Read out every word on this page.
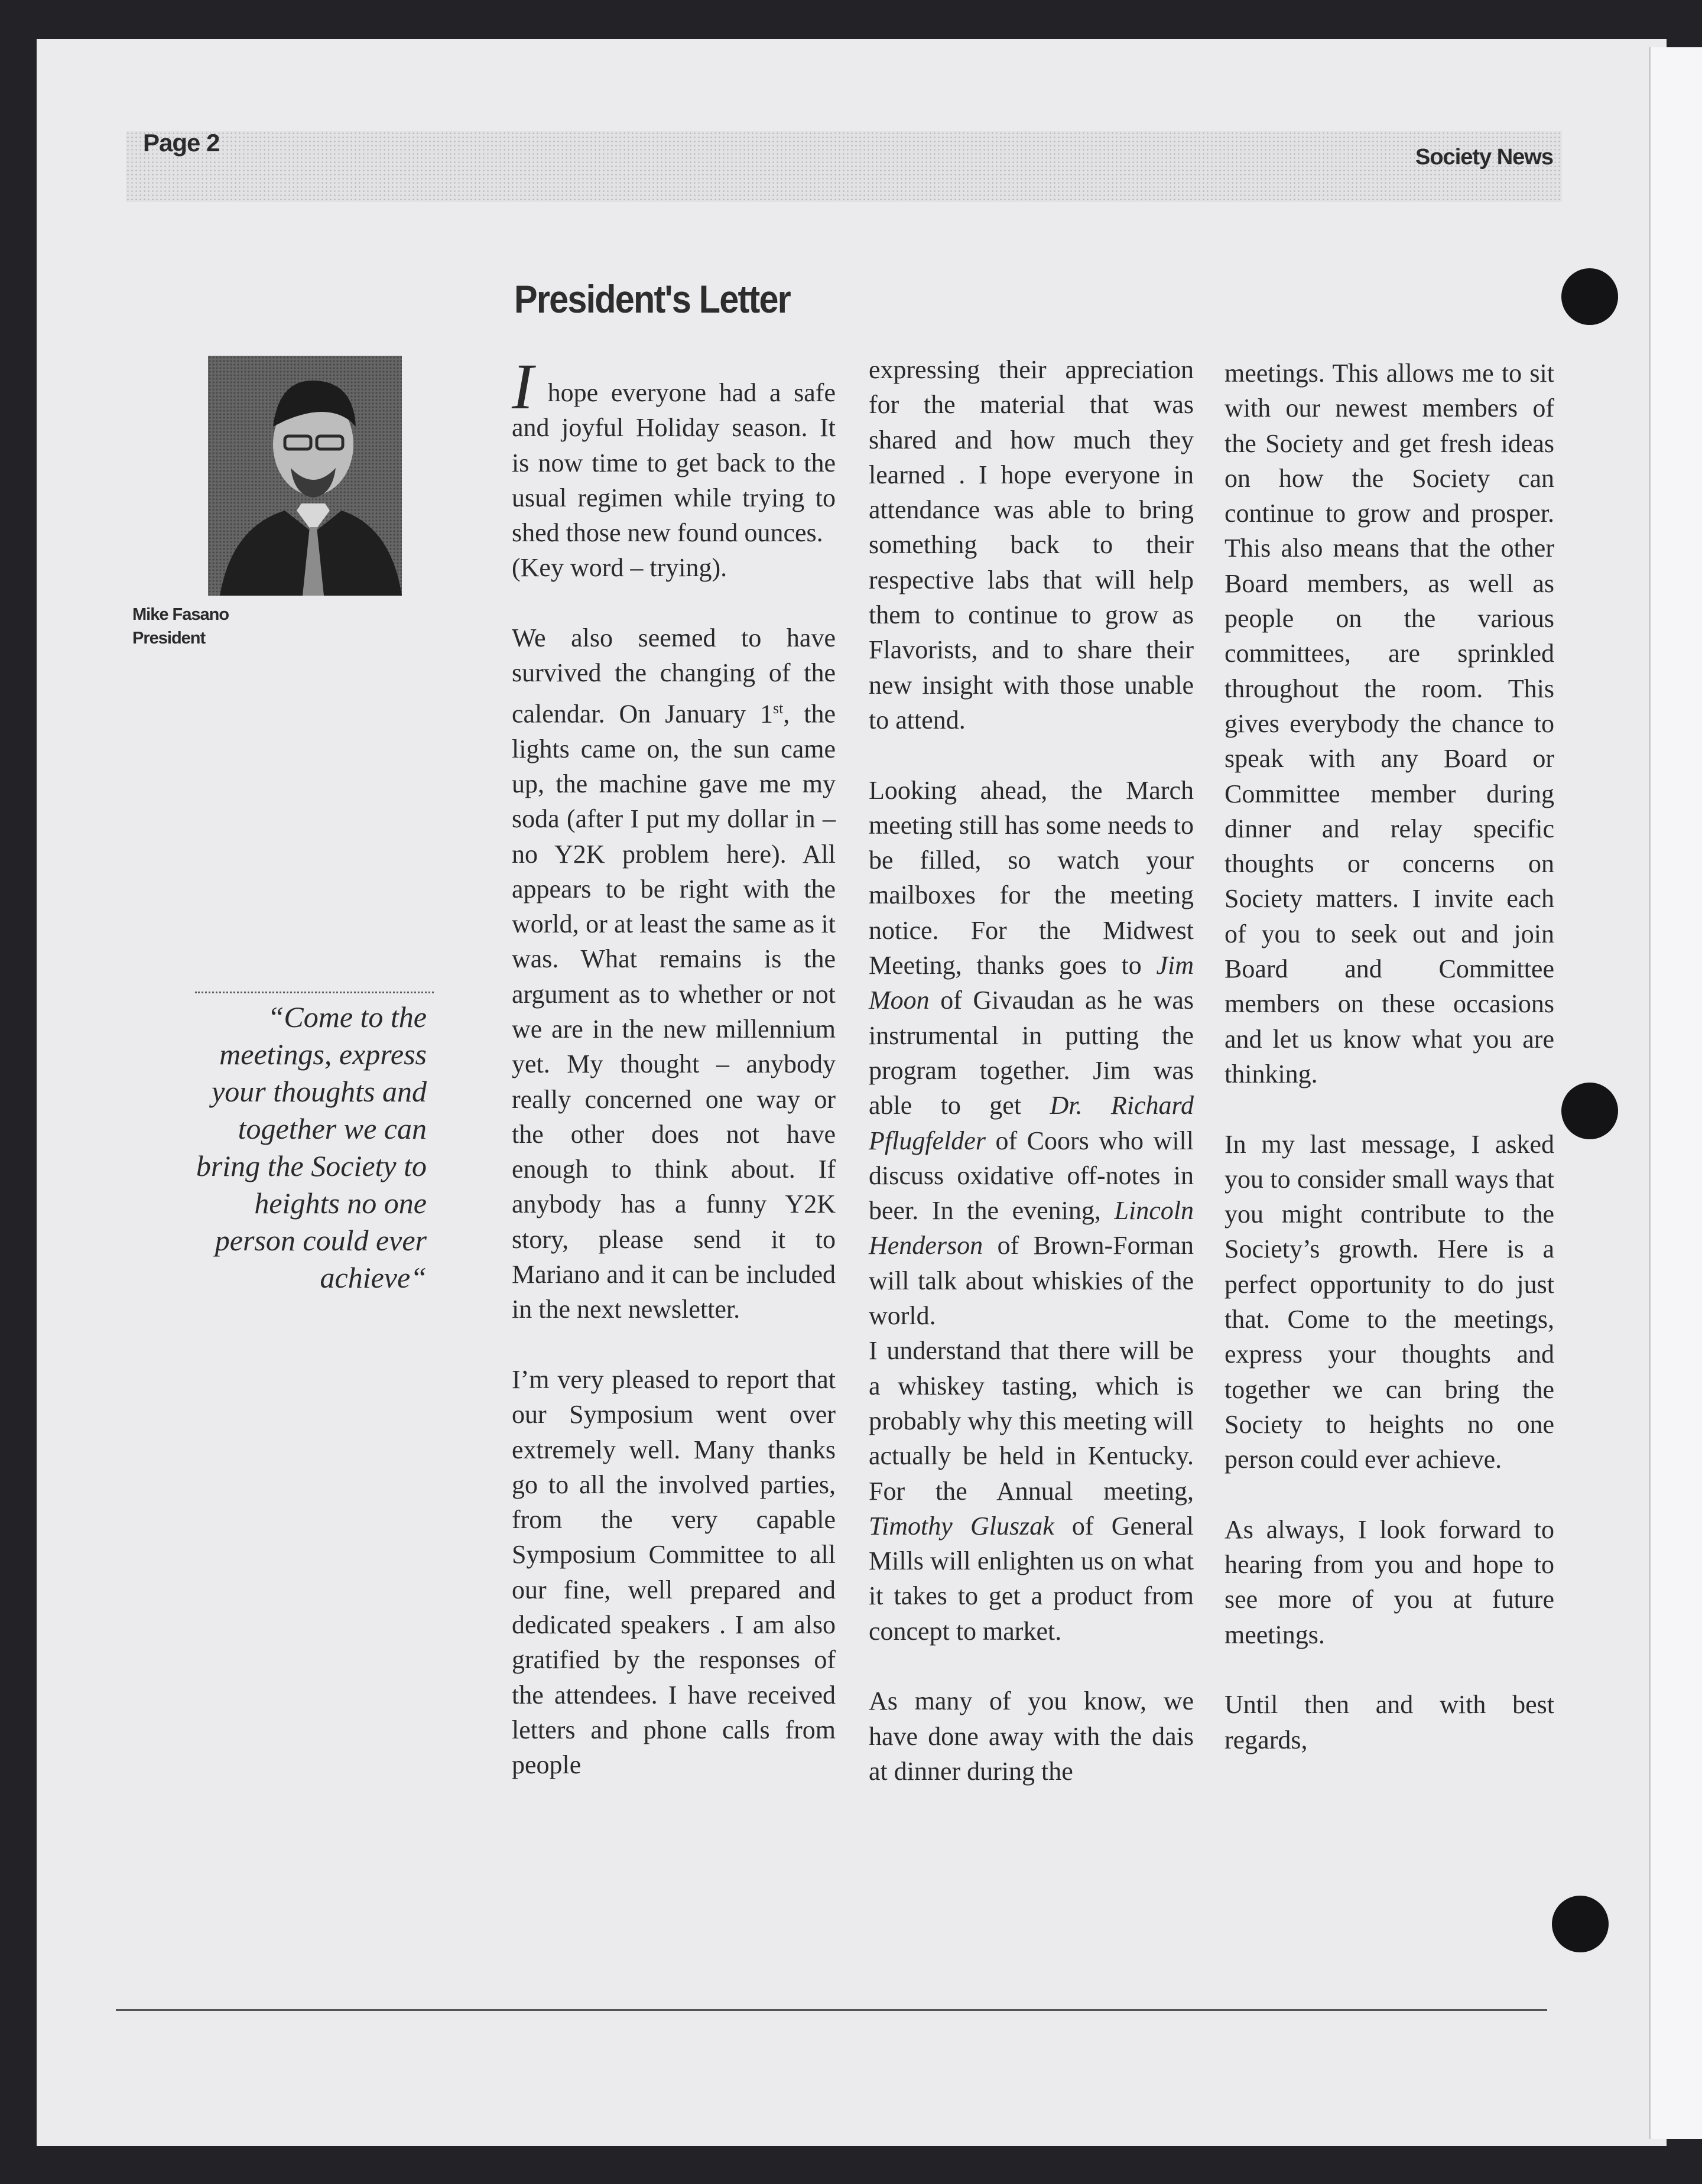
Page 2
Society News
President's Letter
Mike Fasano
President
“Come to the meetings, express your thoughts and together we can bring the Society to heights no one person could ever achieve“

Ihope everyone had a safe and joyful Holiday season. It is now time to get back to the usual regimen while trying to shed those new found ounces.

(Key word – trying).

We also seemed to have survived the changing of the calendar. On January 1st, the lights came on, the sun came up, the machine gave me my soda (after I put my dollar in – no Y2K problem here). All appears to be right with the world, or at least the same as it was. What remains is the argument as to whether or not we are in the new millennium yet. My thought – anybody really concerned one way or the other does not have enough to think about. If anybody has a funny Y2K story, please send it to Mariano and it can be included in the next newsletter.

I’m very pleased to report that our Symposium went over extremely well. Many thanks go to all the involved parties, from the very capable Symposium Committee to all our fine, well prepared and dedicated speakers . I am also gratified by the responses of the attendees. I have received letters and phone calls from people

expressing their appreciation for the material that was shared and how much they learned . I hope everyone in attendance was able to bring something back to their respective labs that will help them to continue to grow as Flavorists, and to share their new insight with those unable to attend.

Looking ahead, the March meeting still has some needs to be filled, so watch your mailboxes for the meeting notice. For the Midwest Meeting, thanks goes to Jim Moon of Givaudan as he was instrumental in putting the program together. Jim was able to get Dr. Richard Pflugfelder of Coors who will discuss oxidative off-notes in beer. In the evening, Lincoln Henderson of Brown-Forman will talk about whiskies of the world.

I understand that there will be a whiskey tasting, which is probably why this meeting will actually be held in Kentucky. For the Annual meeting, Timothy Gluszak of General Mills will enlighten us on what it takes to get a product from concept to market.

As many of you know, we have done away with the dais at dinner during the

meetings. This allows me to sit with our newest members of the Society and get fresh ideas on how the Society can continue to grow and prosper. This also means that the other Board members, as well as people on the various committees, are sprinkled throughout the room. This gives everybody the chance to speak with any Board or Committee member during dinner and relay specific thoughts or concerns on Society matters. I invite each of you to seek out and join Board and Committee members on these occasions and let us know what you are thinking.

In my last message, I asked you to consider small ways that you might contribute to the Society’s growth. Here is a perfect opportunity to do just that. Come to the meetings, express your thoughts and together we can bring the Society to heights no one person could ever achieve.

As always, I look forward to hearing from you and hope to see more of you at future meetings.

Until then and with best regards,
